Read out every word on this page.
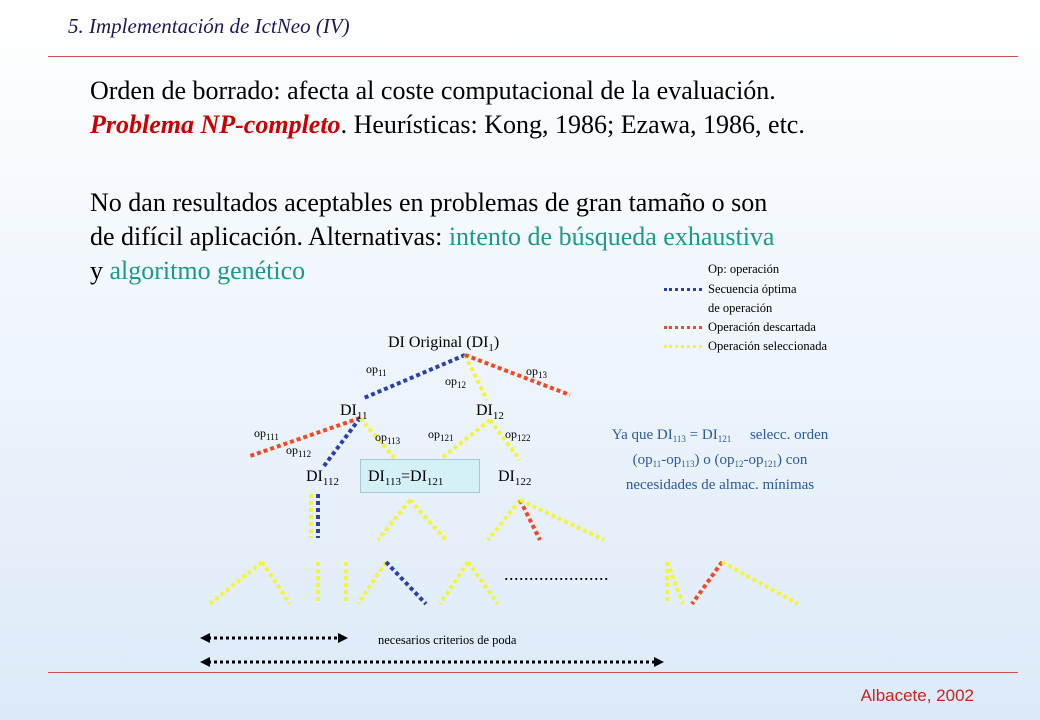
5. Implementación de IctNeo (IV)
Orden de borrado: afecta al coste computacional de la evaluación.
Problema NP-completo. Heurísticas: Kong, 1986; Ezawa, 1986, etc.
No dan resultados aceptables en problemas de gran tamaño o son
de difícil aplicación. Alternativas: intento de búsqueda exhaustiva
y algoritmo genético	Op: operación
Secuencia óptima
de operación
Operación descartada
Operación seleccionada
DI Original $(DI_1)$
$op_{11}$
$op_{12}$
$op_{13}$
$DI_{11}$	$DI_{12}$
$op_{111}$
$op_{112}$
$op_{113}$ $op_{121}$	$op_{122}$
$DI_{112}$ $DI_{113}=DI_{121}$	$DI_{122}$
.....................
Ya que $DI_{113} = DI_{121}$     selecc. orden
$(op_{11}-op_{113})$ o $(op_{12}-op_{121})$ con
necesidades de almac. mínimas
necesarios criterios de poda
Albacete, 2002
